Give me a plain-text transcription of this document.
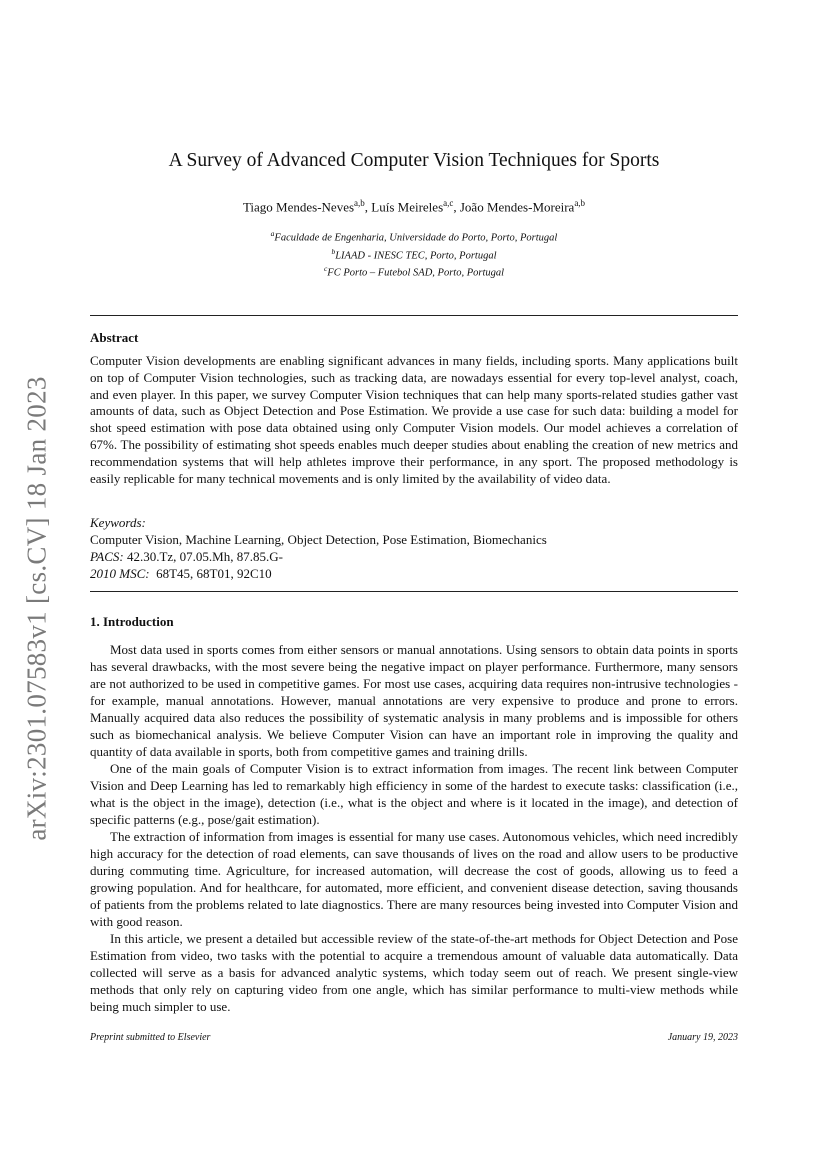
arXiv:2301.07583v1 [cs.CV] 18 Jan 2023
A Survey of Advanced Computer Vision Techniques for Sports
Tiago Mendes-Neves$^{a,b}$, Luís Meireles$^{a,c}$, João Mendes-Moreira$^{a,b}$
$^a$Faculdade de Engenharia, Universidade do Porto, Porto, Portugal
$^b$LIAAD - INESC TEC, Porto, Portugal
$^c$FC Porto – Futebol SAD, Porto, Portugal
Abstract
Computer Vision developments are enabling significant advances in many fields, including sports. Many applications built on top of Computer Vision technologies, such as tracking data, are nowadays essential for every top-level analyst, coach, and even player. In this paper, we survey Computer Vision techniques that can help many sports-related studies gather vast amounts of data, such as Object Detection and Pose Estimation. We provide a use case for such data: building a model for shot speed estimation with pose data obtained using only Computer Vision models. Our model achieves a correlation of 67%. The possibility of estimating shot speeds enables much deeper studies about enabling the creation of new metrics and recommendation systems that will help athletes improve their performance, in any sport. The proposed methodology is easily replicable for many technical movements and is only limited by the availability of video data.
Keywords:
Computer Vision, Machine Learning, Object Detection, Pose Estimation, Biomechanics
PACS: 42.30.Tz, 07.05.Mh, 87.85.G-
2010 MSC: 68T45, 68T01, 92C10
1. Introduction

Most data used in sports comes from either sensors or manual annotations. Using sensors to obtain data points in sports has several drawbacks, with the most severe being the negative impact on player performance. Furthermore, many sensors are not authorized to be used in competitive games. For most use cases, acquiring data requires non-intrusive technologies - for example, manual annotations. However, manual annotations are very expensive to produce and prone to errors. Manually acquired data also reduces the possibility of systematic analysis in many problems and is impossible for others such as biomechanical analysis. We believe Computer Vision can have an important role in improving the quality and quantity of data available in sports, both from competitive games and training drills.

One of the main goals of Computer Vision is to extract information from images. The recent link between Computer Vision and Deep Learning has led to remarkably high efficiency in some of the hardest to execute tasks: classification (i.e., what is the object in the image), detection (i.e., what is the object and where is it located in the image), and detection of specific patterns (e.g., pose/gait estimation).

The extraction of information from images is essential for many use cases. Autonomous vehicles, which need incredibly high accuracy for the detection of road elements, can save thousands of lives on the road and allow users to be productive during commuting time. Agriculture, for increased automation, will decrease the cost of goods, allowing us to feed a growing population. And for healthcare, for automated, more efficient, and convenient disease detection, saving thousands of patients from the problems related to late diagnostics. There are many resources being invested into Computer Vision and with good reason.

In this article, we present a detailed but accessible review of the state-of-the-art methods for Object Detection and Pose Estimation from video, two tasks with the potential to acquire a tremendous amount of valuable data automatically. Data collected will serve as a basis for advanced analytic systems, which today seem out of reach. We present single-view methods that only rely on capturing video from one angle, which has similar performance to multi-view methods while being much simpler to use.

Preprint submitted to Elsevier	January 19, 2023
